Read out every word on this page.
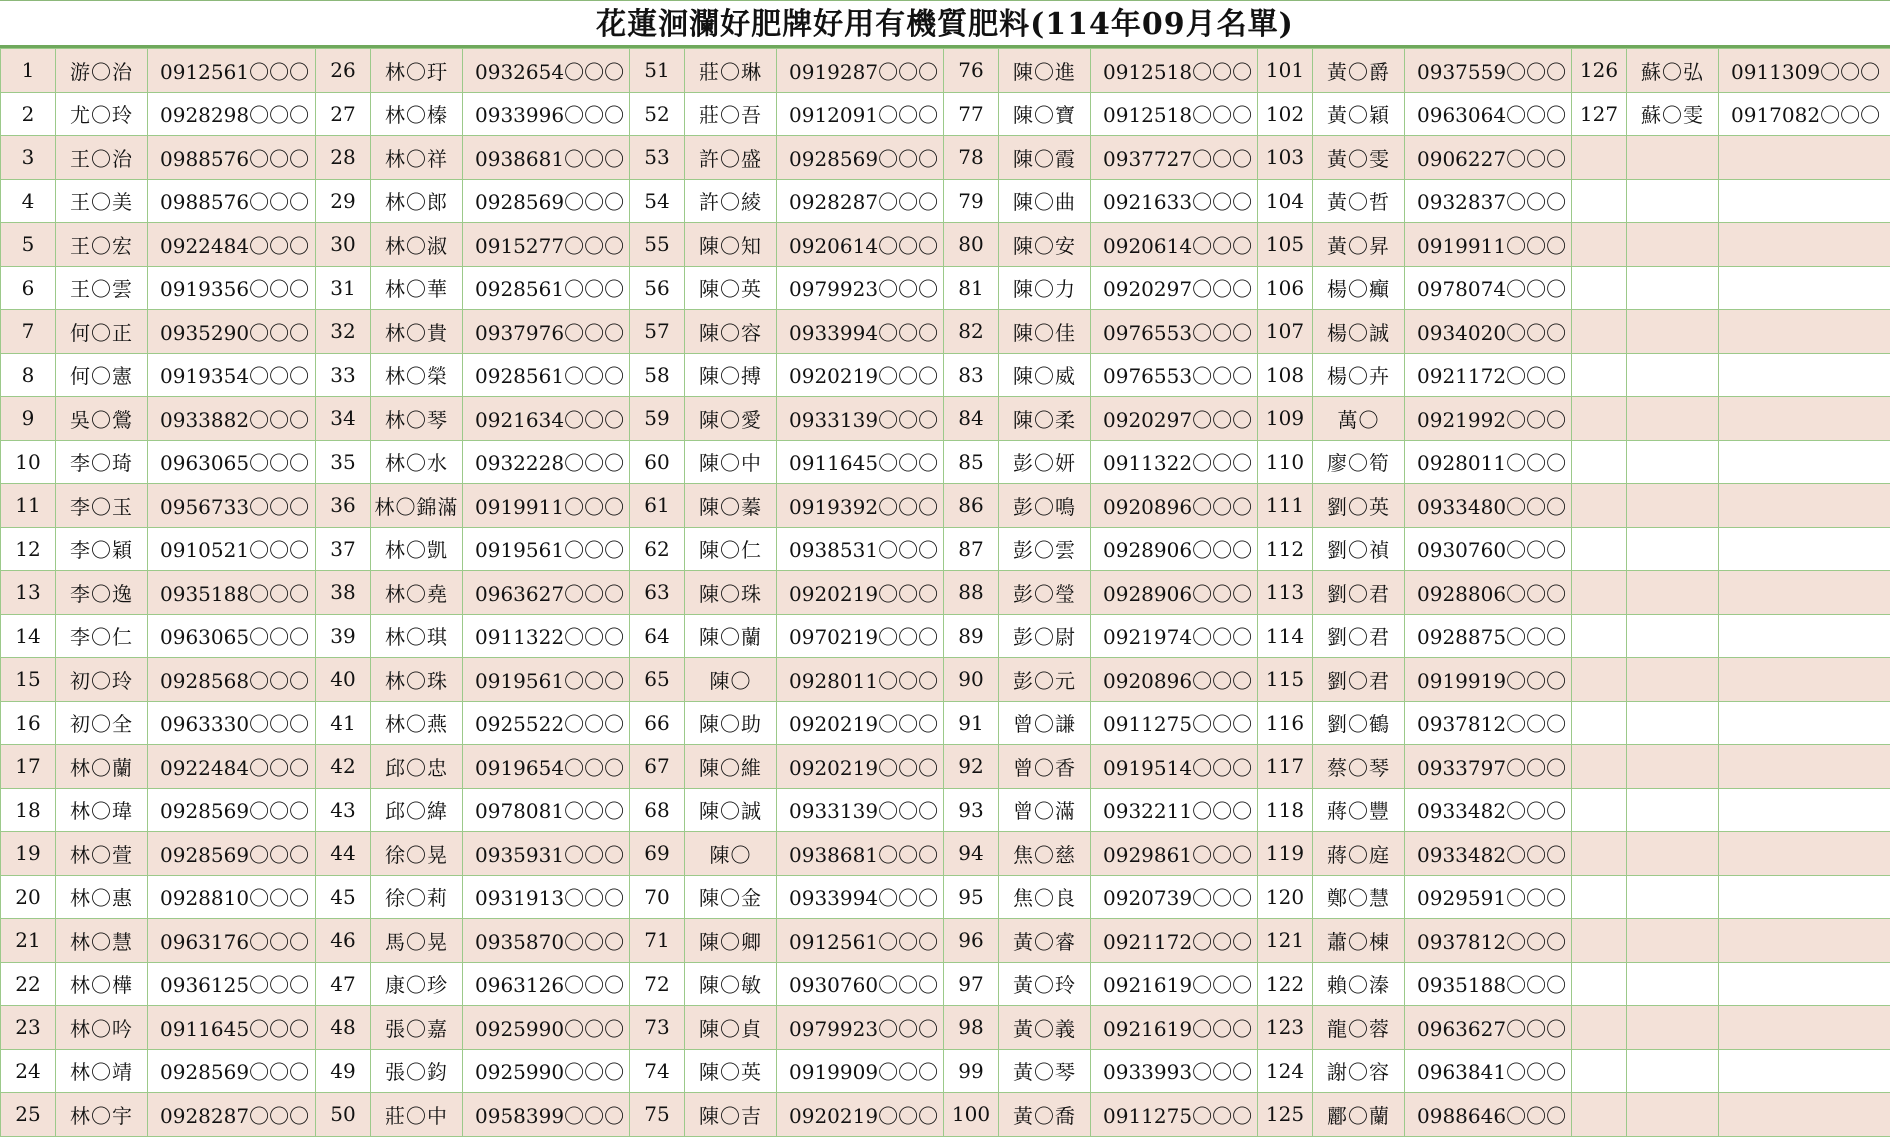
花蓮洄瀾好肥牌好用有機質肥料(114年09月名單)
1	游〇治	0912561〇〇〇	26	林〇玗	0932654〇〇〇	51	莊〇琳	0919287〇〇〇	76	陳〇進	0912518〇〇〇	101	黃〇爵	0937559〇〇〇	126	蘇〇弘	0911309〇〇〇
2	尤〇玲	0928298〇〇〇	27	林〇榛	0933996〇〇〇	52	莊〇吾	0912091〇〇〇	77	陳〇寶	0912518〇〇〇	102	黃〇穎	0963064〇〇〇	127	蘇〇雯	0917082〇〇〇
3	王〇治	0988576〇〇〇	28	林〇祥	0938681〇〇〇	53	許〇盛	0928569〇〇〇	78	陳〇霞	0937727〇〇〇	103	黃〇雯	0906227〇〇〇			
4	王〇美	0988576〇〇〇	29	林〇郎	0928569〇〇〇	54	許〇綾	0928287〇〇〇	79	陳〇曲	0921633〇〇〇	104	黃〇哲	0932837〇〇〇			
5	王〇宏	0922484〇〇〇	30	林〇淑	0915277〇〇〇	55	陳〇知	0920614〇〇〇	80	陳〇安	0920614〇〇〇	105	黃〇昇	0919911〇〇〇			
6	王〇雲	0919356〇〇〇	31	林〇華	0928561〇〇〇	56	陳〇英	0979923〇〇〇	81	陳〇力	0920297〇〇〇	106	楊〇癲	0978074〇〇〇			
7	何〇正	0935290〇〇〇	32	林〇貴	0937976〇〇〇	57	陳〇容	0933994〇〇〇	82	陳〇佳	0976553〇〇〇	107	楊〇誠	0934020〇〇〇			
8	何〇憲	0919354〇〇〇	33	林〇榮	0928561〇〇〇	58	陳〇搏	0920219〇〇〇	83	陳〇威	0976553〇〇〇	108	楊〇卉	0921172〇〇〇			
9	吳〇鶯	0933882〇〇〇	34	林〇琴	0921634〇〇〇	59	陳〇愛	0933139〇〇〇	84	陳〇柔	0920297〇〇〇	109	萬〇	0921992〇〇〇			
10	李〇琦	0963065〇〇〇	35	林〇水	0932228〇〇〇	60	陳〇中	0911645〇〇〇	85	彭〇妍	0911322〇〇〇	110	廖〇筍	0928011〇〇〇			
11	李〇玉	0956733〇〇〇	36	林〇錦滿	0919911〇〇〇	61	陳〇蓁	0919392〇〇〇	86	彭〇鳴	0920896〇〇〇	111	劉〇英	0933480〇〇〇			
12	李〇穎	0910521〇〇〇	37	林〇凱	0919561〇〇〇	62	陳〇仁	0938531〇〇〇	87	彭〇雲	0928906〇〇〇	112	劉〇禎	0930760〇〇〇			
13	李〇逸	0935188〇〇〇	38	林〇堯	0963627〇〇〇	63	陳〇珠	0920219〇〇〇	88	彭〇瑩	0928906〇〇〇	113	劉〇君	0928806〇〇〇			
14	李〇仁	0963065〇〇〇	39	林〇琪	0911322〇〇〇	64	陳〇蘭	0970219〇〇〇	89	彭〇尉	0921974〇〇〇	114	劉〇君	0928875〇〇〇			
15	初〇玲	0928568〇〇〇	40	林〇珠	0919561〇〇〇	65	陳〇	0928011〇〇〇	90	彭〇元	0920896〇〇〇	115	劉〇君	0919919〇〇〇			
16	初〇全	0963330〇〇〇	41	林〇燕	0925522〇〇〇	66	陳〇助	0920219〇〇〇	91	曾〇謙	0911275〇〇〇	116	劉〇鶴	0937812〇〇〇			
17	林〇蘭	0922484〇〇〇	42	邱〇忠	0919654〇〇〇	67	陳〇維	0920219〇〇〇	92	曾〇香	0919514〇〇〇	117	蔡〇琴	0933797〇〇〇			
18	林〇瑋	0928569〇〇〇	43	邱〇緯	0978081〇〇〇	68	陳〇誠	0933139〇〇〇	93	曾〇滿	0932211〇〇〇	118	蔣〇豐	0933482〇〇〇			
19	林〇萱	0928569〇〇〇	44	徐〇晃	0935931〇〇〇	69	陳〇	0938681〇〇〇	94	焦〇慈	0929861〇〇〇	119	蔣〇庭	0933482〇〇〇			
20	林〇惠	0928810〇〇〇	45	徐〇莉	0931913〇〇〇	70	陳〇金	0933994〇〇〇	95	焦〇良	0920739〇〇〇	120	鄭〇慧	0929591〇〇〇			
21	林〇慧	0963176〇〇〇	46	馬〇晃	0935870〇〇〇	71	陳〇卿	0912561〇〇〇	96	黃〇睿	0921172〇〇〇	121	蕭〇棟	0937812〇〇〇			
22	林〇樺	0936125〇〇〇	47	康〇珍	0963126〇〇〇	72	陳〇敏	0930760〇〇〇	97	黃〇玲	0921619〇〇〇	122	賴〇溱	0935188〇〇〇			
23	林〇吟	0911645〇〇〇	48	張〇嘉	0925990〇〇〇	73	陳〇貞	0979923〇〇〇	98	黃〇義	0921619〇〇〇	123	龍〇蓉	0963627〇〇〇			
24	林〇靖	0928569〇〇〇	49	張〇鈞	0925990〇〇〇	74	陳〇英	0919909〇〇〇	99	黃〇琴	0933993〇〇〇	124	謝〇容	0963841〇〇〇			
25	林〇宇	0928287〇〇〇	50	莊〇中	0958399〇〇〇	75	陳〇吉	0920219〇〇〇	100	黃〇喬	0911275〇〇〇	125	酈〇蘭	0988646〇〇〇			
